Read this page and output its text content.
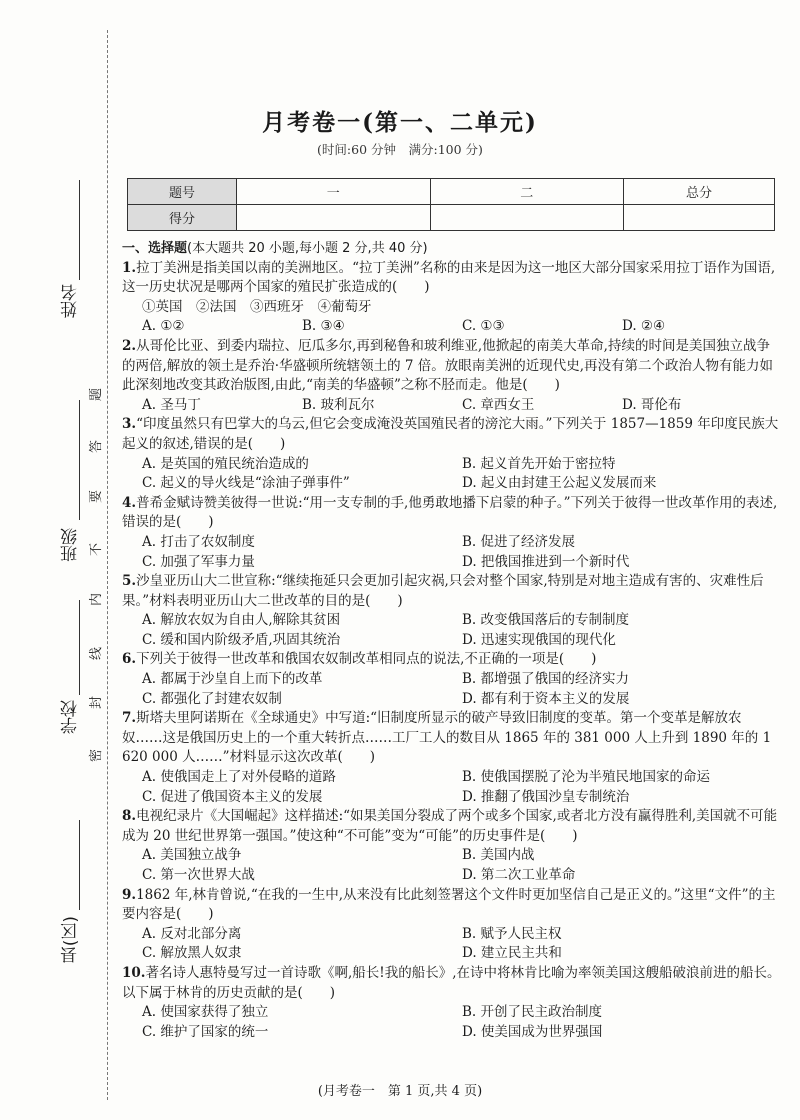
姓名
班级
学校
县(区)
题
答
要
不
内
线
封
密
月考卷一(第一、二单元)
(时间:60 分钟　满分:100 分)
题号	一	二	总分
得分			
一、选择题(本大题共 20 小题,每小题 2 分,共 40 分)
1.拉丁美洲是指美国以南的美洲地区。“拉丁美洲”名称的由来是因为这一地区大部分国家采用拉丁语作为国语,这一历史状况是哪两个国家的殖民扩张造成的(　　)
①英国　②法国　③西班牙　④葡萄牙
A. ①②	B. ③④	C. ①③	D. ②④
2.从哥伦比亚、到委内瑞拉、厄瓜多尔,再到秘鲁和玻利维亚,他掀起的南美大革命,持续的时间是美国独立战争的两倍,解放的领土是乔治·华盛顿所统辖领土的 7 倍。放眼南美洲的近现代史,再没有第二个政治人物有能力如此深刻地改变其政治版图,由此,“南美的华盛顿”之称不胫而走。他是(　　)
A. 圣马丁	B. 玻利瓦尔	C. 章西女王	D. 哥伦布
3.“印度虽然只有巴掌大的乌云,但它会变成淹没英国殖民者的滂沱大雨。”下列关于 1857—1859 年印度民族大起义的叙述,错误的是(　　)
A. 是英国的殖民统治造成的	B. 起义首先开始于密拉特
C. 起义的导火线是“涂油子弹事件”	D. 起义由封建王公起义发展而来
4.普希金赋诗赞美彼得一世说:“用一支专制的手,他勇敢地播下启蒙的种子。”下列关于彼得一世改革作用的表述,错误的是(　　)
A. 打击了农奴制度	B. 促进了经济发展
C. 加强了军事力量	D. 把俄国推进到一个新时代
5.沙皇亚历山大二世宣称:“继续拖延只会更加引起灾祸,只会对整个国家,特别是对地主造成有害的、灾难性后果。”材料表明亚历山大二世改革的目的是(　　)
A. 解放农奴为自由人,解除其贫困	B. 改变俄国落后的专制制度
C. 缓和国内阶级矛盾,巩固其统治	D. 迅速实现俄国的现代化
6.下列关于彼得一世改革和俄国农奴制改革相同点的说法,不正确的一项是(　　)
A. 都属于沙皇自上而下的改革	B. 都增强了俄国的经济实力
C. 都强化了封建农奴制	D. 都有利于资本主义的发展
7.斯塔夫里阿诺斯在《全球通史》中写道:“旧制度所显示的破产导致旧制度的变革。第一个变革是解放农奴……这是俄国历史上的一个重大转折点……工厂工人的数目从 1865 年的 381 000 人上升到 1890 年的 1 620 000 人……”材料显示这次改革(　　)
A. 使俄国走上了对外侵略的道路	B. 使俄国摆脱了沦为半殖民地国家的命运
C. 促进了俄国资本主义的发展	D. 推翻了俄国沙皇专制统治
8.电视纪录片《大国崛起》这样描述:“如果美国分裂成了两个或多个国家,或者北方没有赢得胜利,美国就不可能成为 20 世纪世界第一强国。”使这种“不可能”变为“可能”的历史事件是(　　)
A. 美国独立战争	B. 美国内战
C. 第一次世界大战	D. 第二次工业革命
9.1862 年,林肯曾说,“在我的一生中,从来没有比此刻签署这个文件时更加坚信自己是正义的。”这里“文件”的主要内容是(　　)
A. 反对北部分离	B. 赋予人民主权
C. 解放黑人奴隶	D. 建立民主共和
10.著名诗人惠特曼写过一首诗歌《啊,船长!我的船长》,在诗中将林肯比喻为率领美国这艘船破浪前进的船长。以下属于林肯的历史贡献的是(　　)
A. 使国家获得了独立	B. 开创了民主政治制度
C. 维护了国家的统一	D. 使美国成为世界强国
(月考卷一　第 1 页,共 4 页)
